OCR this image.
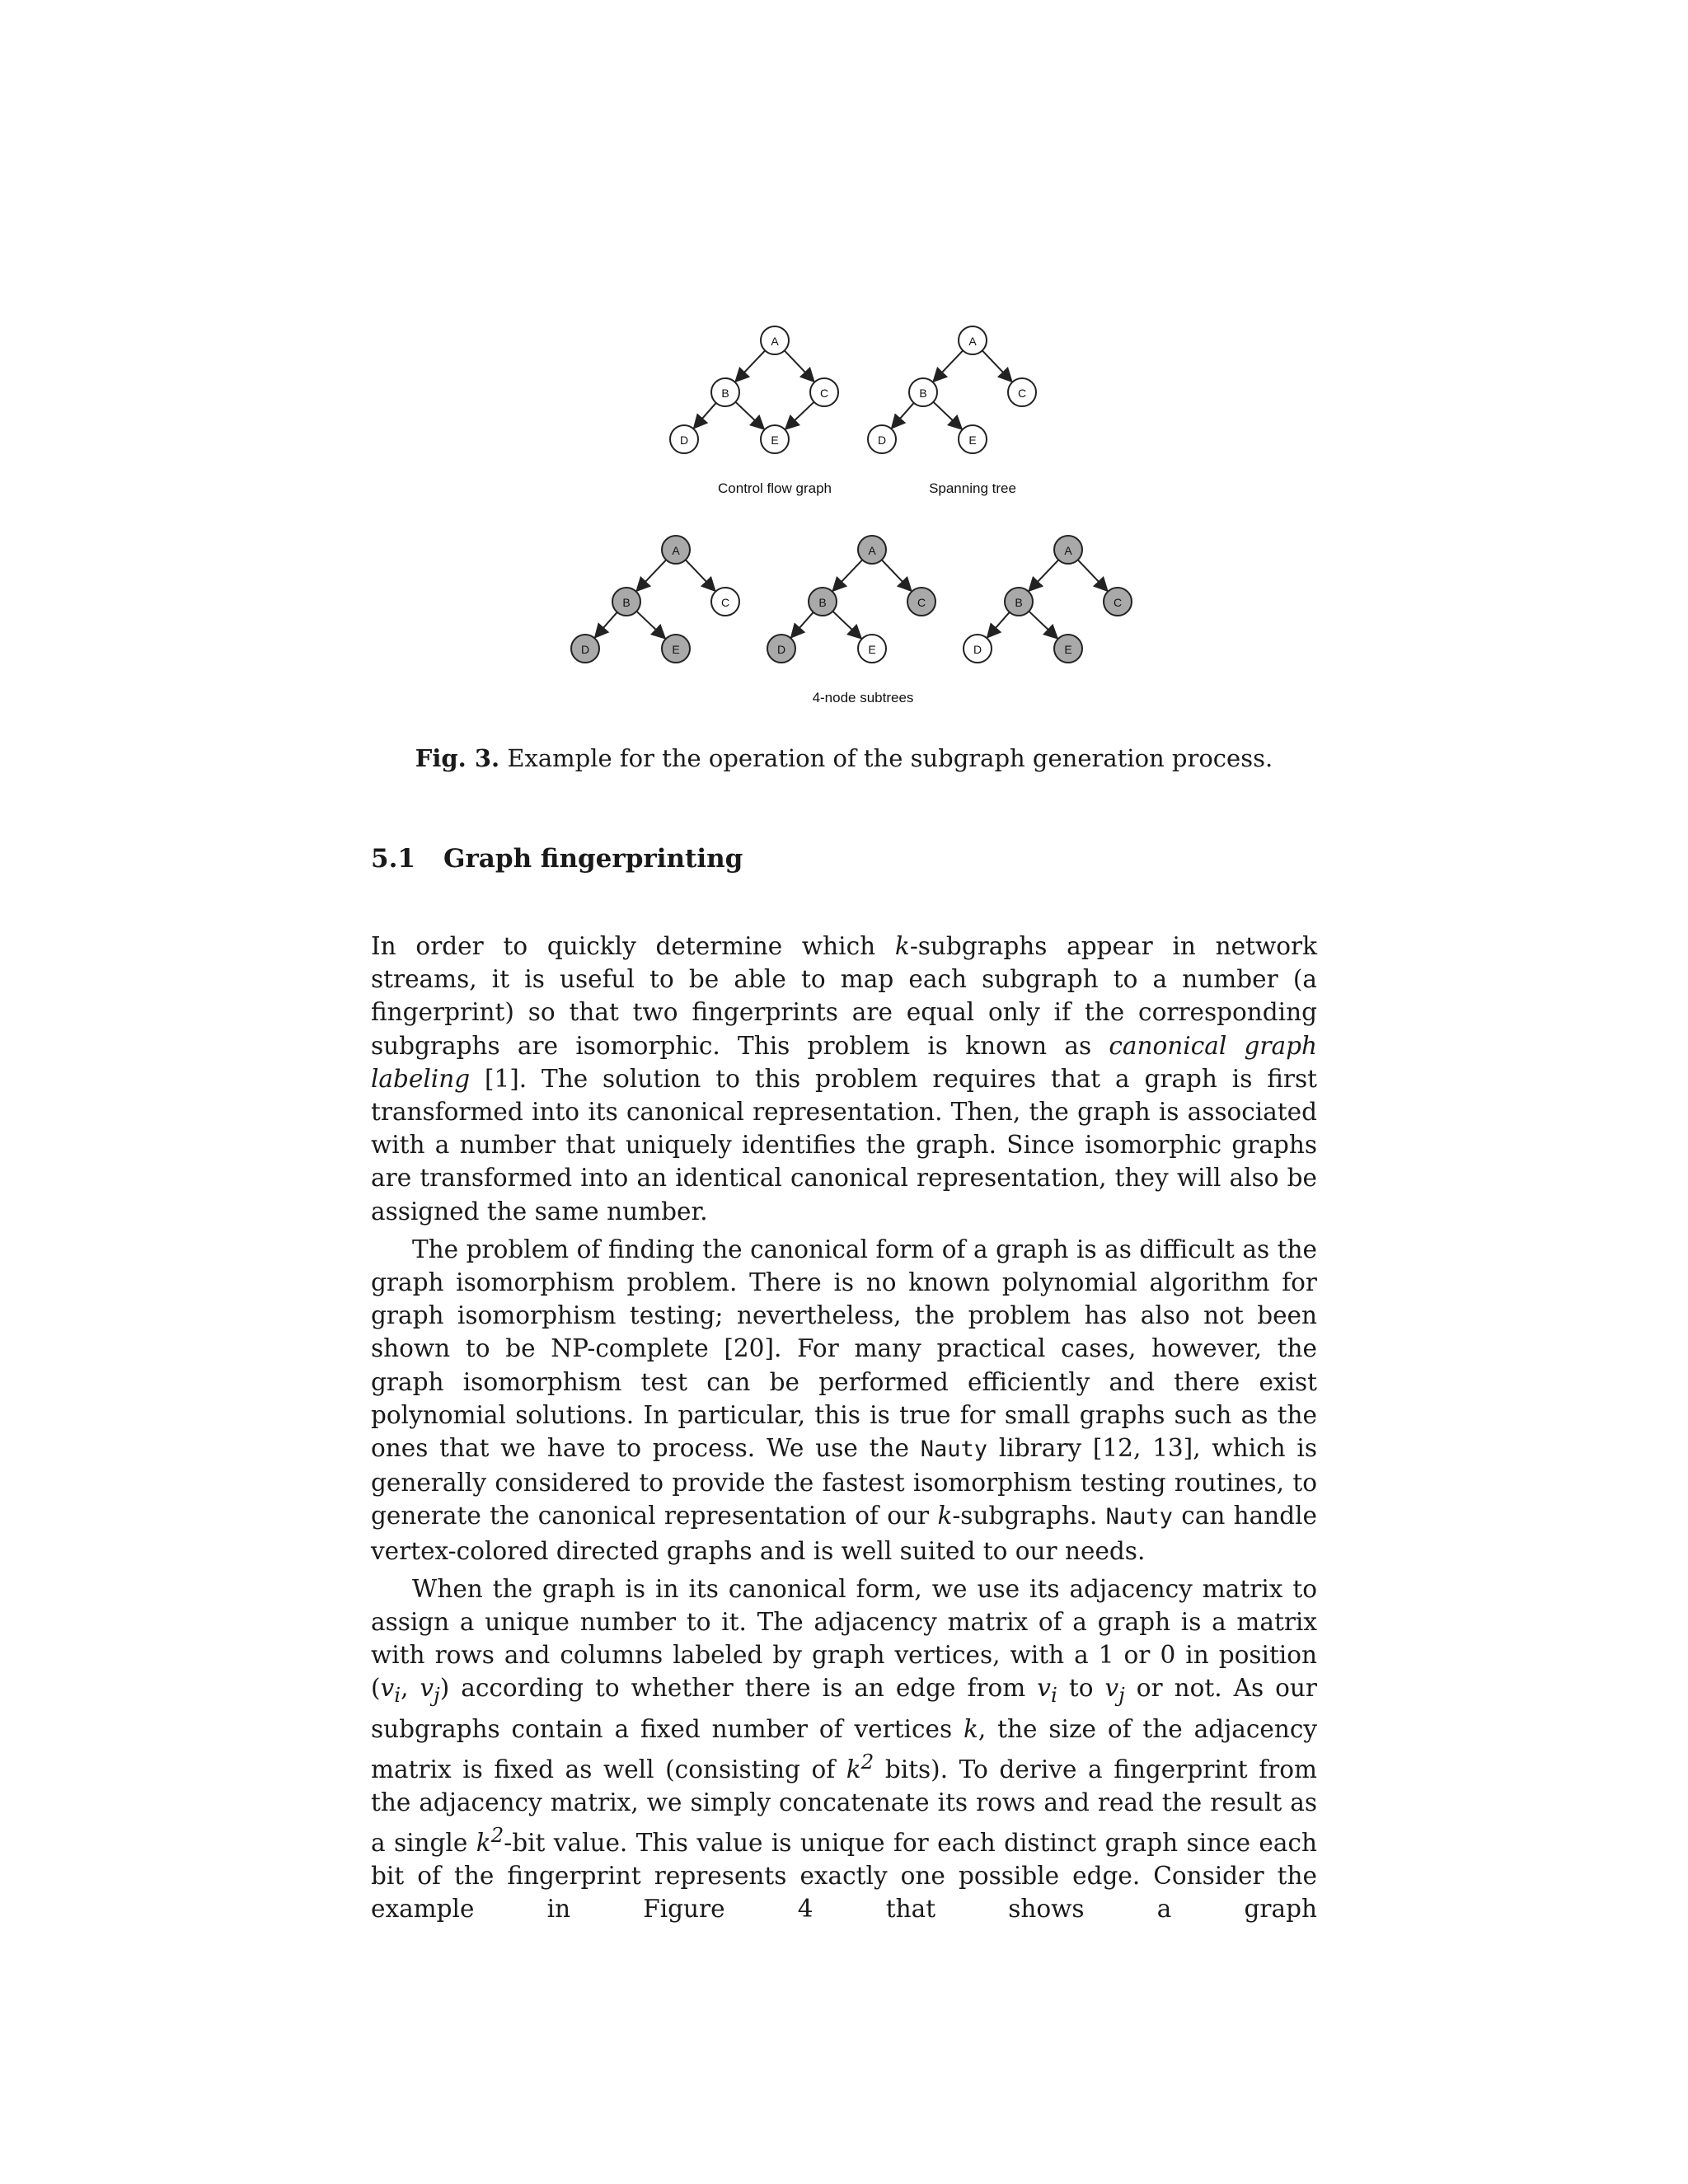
A
B	C
D	E
A
B	C
D	E
A
B	C
D	E
A
B	C
D	E
A
B	C
D	E
Control flow graph	Spanning tree
4-node subtrees
Fig. 3. Example for the operation of the subgraph generation process.
5.1 Graph fingerprinting

In order to quickly determine which k-subgraphs appear in network streams, it is useful to be able to map each subgraph to a number (a fingerprint) so that two fingerprints are equal only if the corresponding subgraphs are isomorphic. This problem is known as canonical graph labeling [1]. The solution to this problem requires that a graph is first transformed into its canonical representation. Then, the graph is associated with a number that uniquely identifies the graph. Since isomorphic graphs are transformed into an identical canonical representation, they will also be assigned the same number.

The problem of finding the canonical form of a graph is as difficult as the graph isomorphism problem. There is no known polynomial algorithm for graph isomorphism testing; nevertheless, the problem has also not been shown to be NP-complete [20]. For many practical cases, however, the graph isomorphism test can be performed efficiently and there exist polynomial solutions. In particular, this is true for small graphs such as the ones that we have to process. We use the Nauty library [12, 13], which is generally considered to provide the fastest isomorphism testing routines, to generate the canonical representation of our k-subgraphs. Nauty can handle vertex-colored directed graphs and is well suited to our needs.

When the graph is in its canonical form, we use its adjacency matrix to assign a unique number to it. The adjacency matrix of a graph is a matrix with rows and columns labeled by graph vertices, with a 1 or 0 in position ($v_i$, $v_j$) according to whether there is an edge from $v_i$ to $v_j$ or not. As our subgraphs contain a fixed number of vertices k, the size of the adjacency matrix is fixed as well (consisting of $k^2$ bits). To derive a fingerprint from the adjacency matrix, we simply concatenate its rows and read the result as a single $k^2$-bit value. This value is unique for each distinct graph since each bit of the fingerprint represents exactly one possible edge. Consider the example in Figure 4 that shows a graph
